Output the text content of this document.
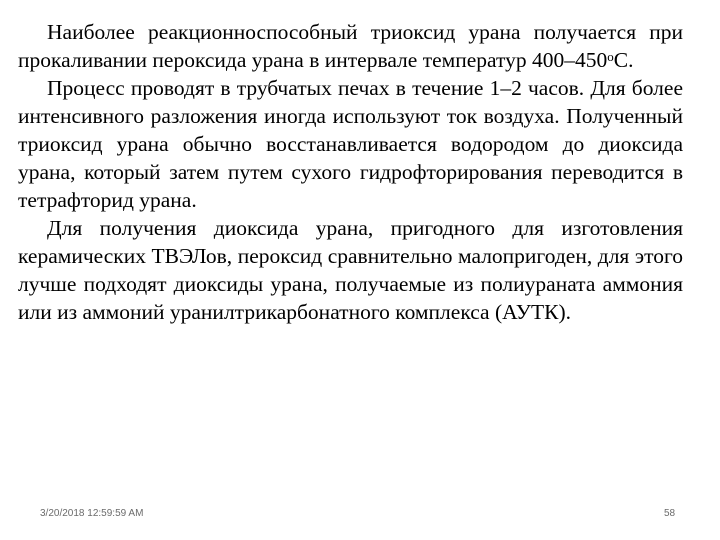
Наиболее реакционноспособный триоксид урана получается при прокаливании пероксида урана в интервале температур $400-450^оС$.

Процесс проводят в трубчатых печах в течение 1–2 часов. Для более интенсивного разложения иногда используют ток воздуха. Полученный триоксид урана обычно восстанавливается водородом до диоксида урана, который затем путем сухого гидрофторирования переводится в тетрафторид урана.

Для получения диоксида урана, пригодного для изготовления керамических ТВЭЛов, пероксид сравнительно малопригоден, для этого лучше подходят диоксиды урана, получаемые из полиураната аммония или из аммоний уранилтрикарбонатного комплекса (АУТК).

3/20/2018 12:59:59 AM	58
